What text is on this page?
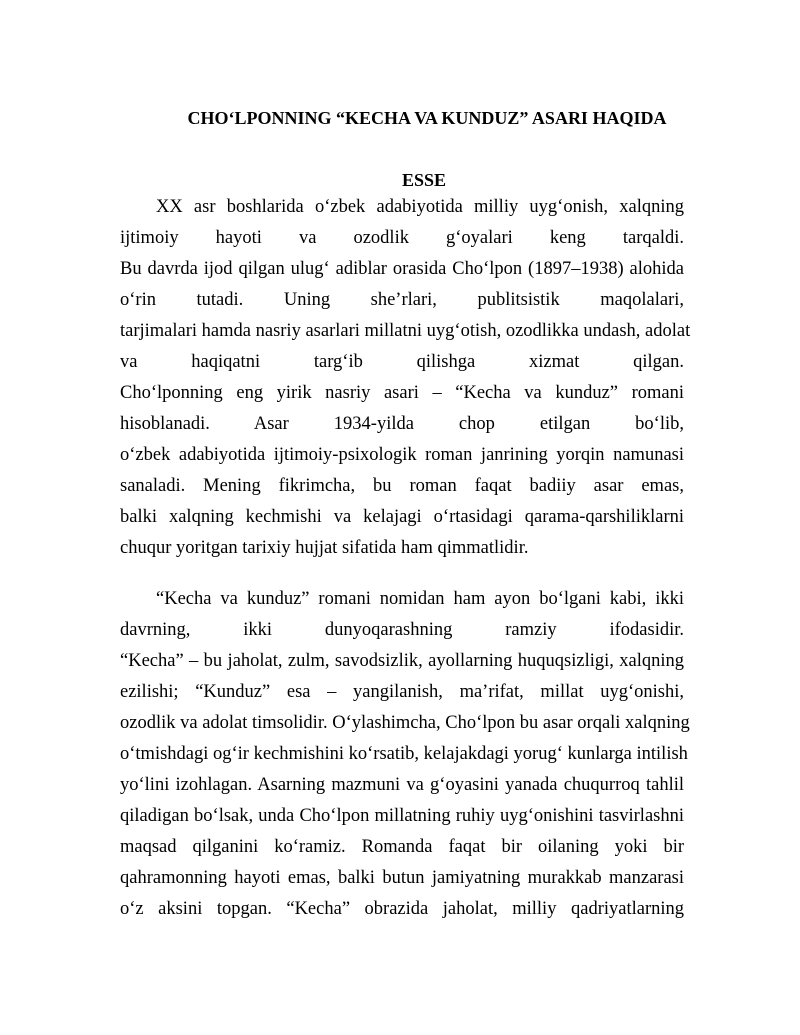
CHO‘LPONNING “KECHA VA KUNDUZ” ASARI HAQIDA
ESSE
XX asr boshlarida o‘zbek adabiyotida milliy uyg‘onish, xalqning
ijtimoiy hayoti va ozodlik g‘oyalari keng tarqaldi.
Bu davrda ijod qilgan ulug‘ adiblar orasida Cho‘lpon (1897–1938) alohida
o‘rin tutadi. Uning she’rlari, publitsistik maqolalari,
tarjimalari hamda nasriy asarlari millatni uyg‘otish, ozodlikka undash, adolat
va haqiqatni targ‘ib qilishga xizmat qilgan.
Cho‘lponning eng yirik nasriy asari – “Kecha va kunduz” romani
hisoblanadi. Asar 1934-yilda chop etilgan bo‘lib,
o‘zbek adabiyotida ijtimoiy-psixologik roman janrining yorqin namunasi
sanaladi. Mening fikrimcha, bu roman faqat badiiy asar emas,
balki xalqning kechmishi va kelajagi o‘rtasidagi qarama-qarshiliklarni
chuqur yoritgan tarixiy hujjat sifatida ham qimmatlidir.
“Kecha va kunduz” romani nomidan ham ayon bo‘lgani kabi, ikki
davrning, ikki dunyoqarashning ramziy ifodasidir.
“Kecha” – bu jaholat, zulm, savodsizlik, ayollarning huquqsizligi, xalqning
ezilishi; “Kunduz” esa – yangilanish, ma’rifat, millat uyg‘onishi,
ozodlik va adolat timsolidir. O‘ylashimcha, Cho‘lpon bu asar orqali xalqning
o‘tmishdagi og‘ir kechmishini ko‘rsatib, kelajakdagi yorug‘ kunlarga intilish
yo‘lini izohlagan. Asarning mazmuni va g‘oyasini yanada chuqurroq tahlil
qiladigan bo‘lsak, unda Cho‘lpon millatning ruhiy uyg‘onishini tasvirlashni
maqsad qilganini ko‘ramiz. Romanda faqat bir oilaning yoki bir
qahramonning hayoti emas, balki butun jamiyatning murakkab manzarasi
o‘z aksini topgan. “Kecha” obrazida jaholat, milliy qadriyatlarning
